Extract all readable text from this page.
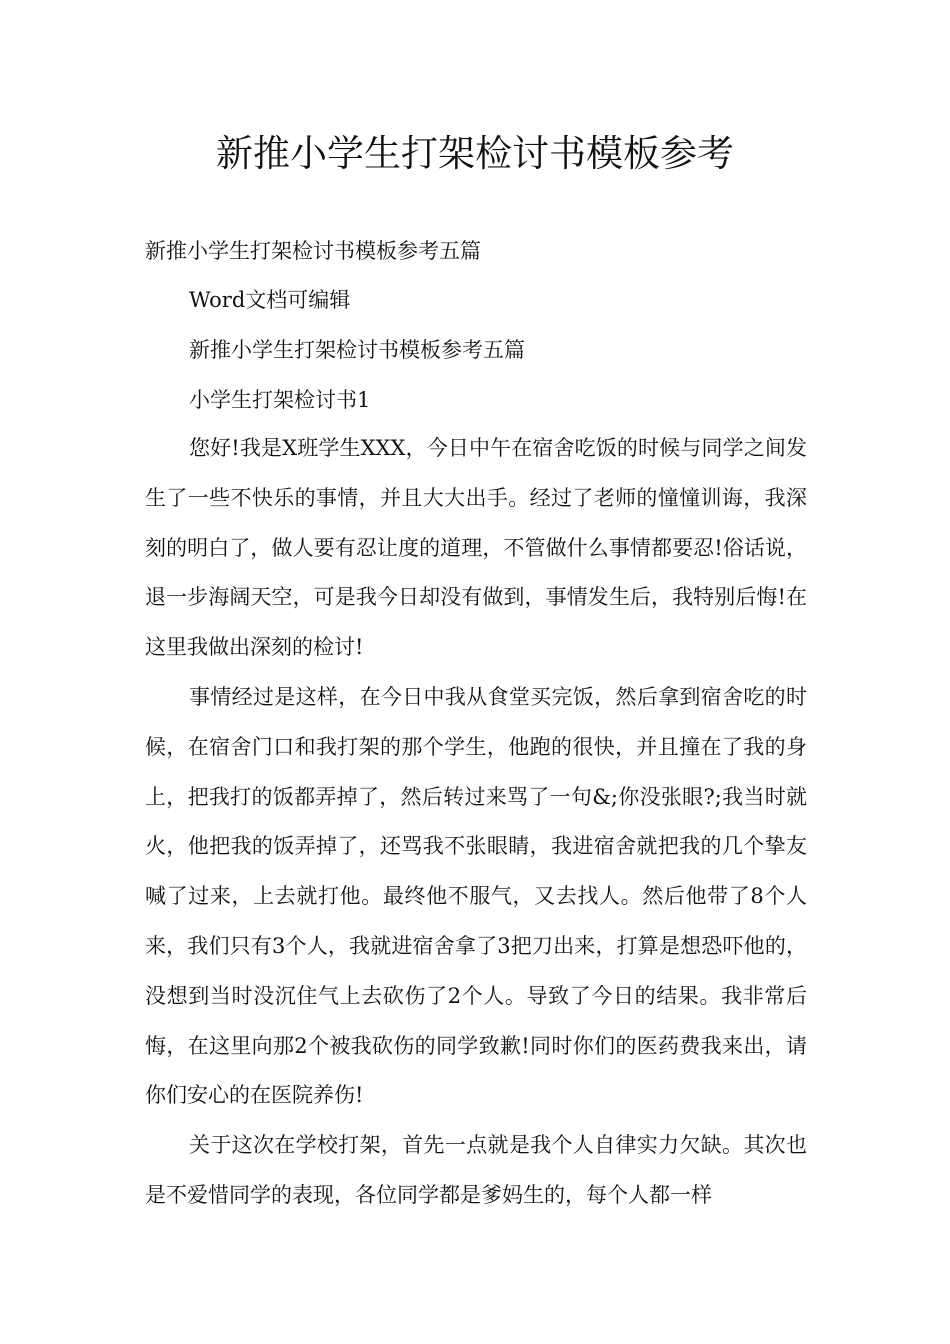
新推小学生打架检讨书模板参考

新推小学生打架检讨书模板参考五篇

Word文档可编辑

新推小学生打架检讨书模板参考五篇

小学生打架检讨书1

您好!我是X班学生XXX，今日中午在宿舍吃饭的时候与同学之间发生了一些不快乐的事情，并且大大出手。经过了老师的憧憧训诲，我深刻的明白了，做人要有忍让度的道理，不管做什么事情都要忍!俗话说，退一步海阔天空，可是我今日却没有做到，事情发生后，我特别后悔!在这里我做出深刻的检讨!

事情经过是这样，在今日中我从食堂买完饭，然后拿到宿舍吃的时候，在宿舍门口和我打架的那个学生，他跑的很快，并且撞在了我的身上，把我打的饭都弄掉了，然后转过来骂了一句&;你没张眼?;我当时就火，他把我的饭弄掉了，还骂我不张眼睛，我进宿舍就把我的几个挚友喊了过来，上去就打他。最终他不服气，又去找人。然后他带了8个人来，我们只有3个人，我就进宿舍拿了3把刀出来，打算是想恐吓他的，没想到当时没沉住气上去砍伤了2个人。导致了今日的结果。我非常后悔，在这里向那2个被我砍伤的同学致歉!同时你们的医药费我来出，请你们安心的在医院养伤!

关于这次在学校打架，首先一点就是我个人自律实力欠缺。其次也是不爱惜同学的表现，各位同学都是爹妈生的，每个人都一样
